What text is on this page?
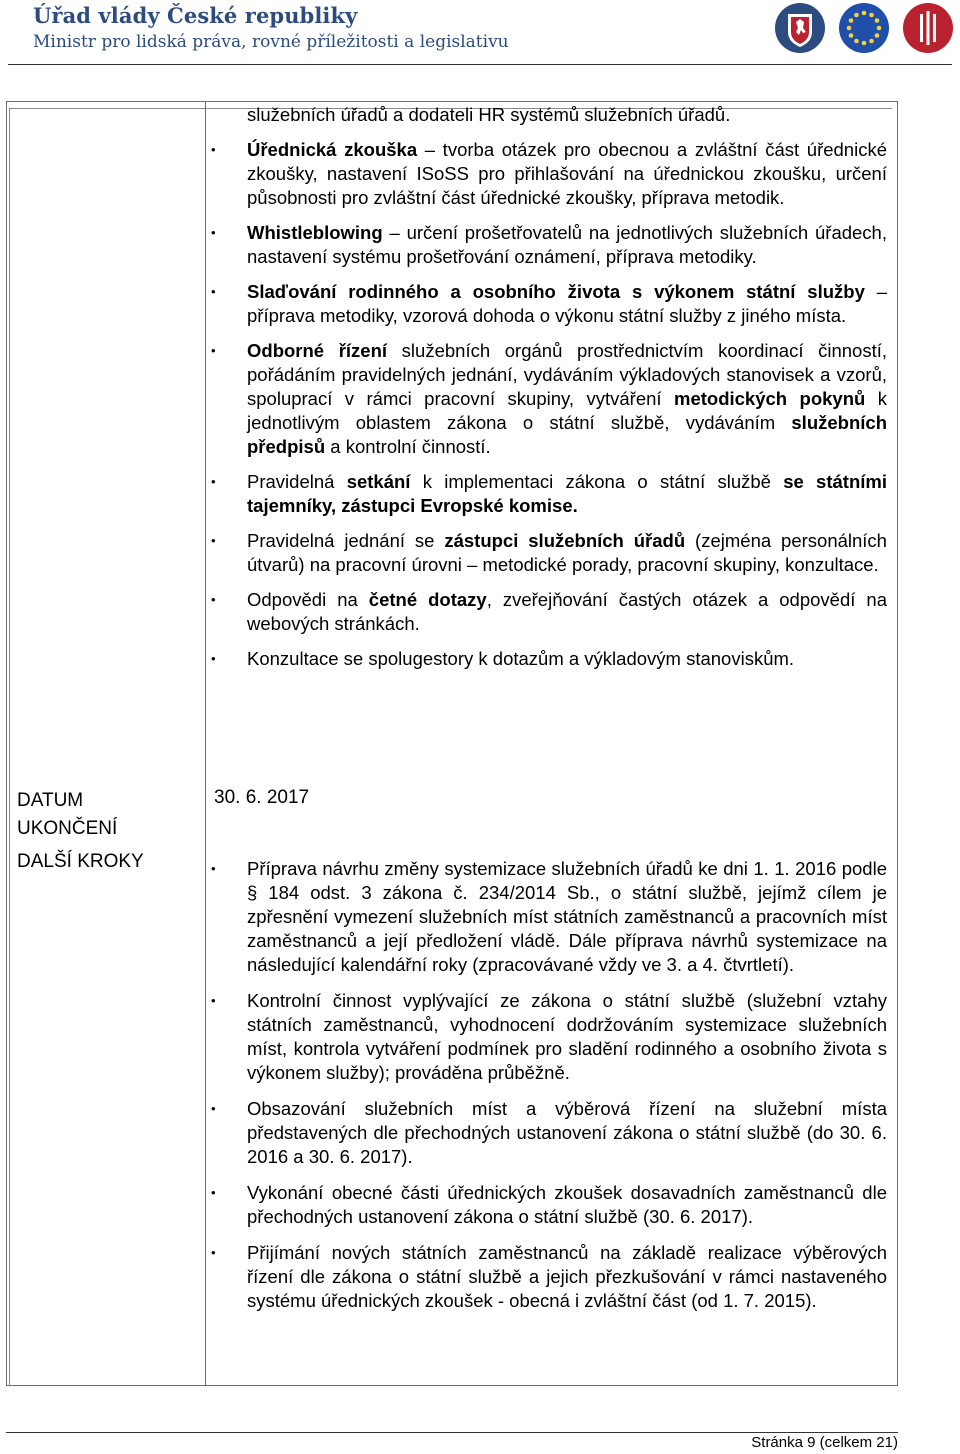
Úřad vlády České republiky
Ministr pro lidská práva, rovné příležitosti a legislativu
DATUM
UKONČENÍ
DALŠÍ KROKY
30. 6. 2017

služebních úřadů a dodateli HR systémů služebních úřadů.

• Úřednická zkouška – tvorba otázek pro obecnou a zvláštní část úřednické zkoušky, nastavení ISoSS pro přihlašování na úřednickou zkoušku, určení působnosti pro zvláštní část úřednické zkoušky, příprava metodik.

• Whistleblowing – určení prošetřovatelů na jednotlivých služebních úřadech, nastavení systému prošetřování oznámení, příprava metodiky.

• Slaďování rodinného a osobního života s výkonem státní služby – příprava metodiky, vzorová dohoda o výkonu státní služby z jiného místa.

• Odborné řízení služebních orgánů prostřednictvím koordinací činností, pořádáním pravidelných jednání, vydáváním výkladových stanovisek a vzorů, spoluprací v rámci pracovní skupiny, vytváření metodických pokynů k jednotlivým oblastem zákona o státní službě, vydáváním služebních předpisů a kontrolní činností.

• Pravidelná setkání k implementaci zákona o státní službě se státními tajemníky, zástupci Evropské komise.

• Pravidelná jednání se zástupci služebních úřadů (zejména personálních útvarů) na pracovní úrovni – metodické porady, pracovní skupiny, konzultace.

• Odpovědi na četné dotazy, zveřejňování častých otázek a odpovědí na webových stránkách.

• Konzultace se spolugestory k dotazům a výkladovým stanoviskům.

• Příprava návrhu změny systemizace služebních úřadů ke dni 1. 1. 2016 podle § 184 odst. 3 zákona č. 234/2014 Sb., o státní službě, jejímž cílem je zpřesnění vymezení služebních míst státních zaměstnanců a pracovních míst zaměstnanců a její předložení vládě. Dále příprava návrhů systemizace na následující kalendářní roky (zpracovávané vždy ve 3. a 4. čtvrtletí).

• Kontrolní činnost vyplývající ze zákona o státní službě (služební vztahy státních zaměstnanců, vyhodnocení dodržováním systemizace služebních míst, kontrola vytváření podmínek pro sladění rodinného a osobního života s výkonem služby); prováděna průběžně.

• Obsazování služebních míst a výběrová řízení na služební místa představených dle přechodných ustanovení zákona o státní službě (do 30. 6. 2016 a 30. 6. 2017).

• Vykonání obecné části úřednických zkoušek dosavadních zaměstnanců dle přechodných ustanovení zákona o státní službě (30. 6. 2017).

• Přijímání nových státních zaměstnanců na základě realizace výběrových řízení dle zákona o státní službě a jejich přezkušování v rámci nastaveného systému úřednických zkoušek - obecná i zvláštní část (od 1. 7. 2015).

Stránka 9 (celkem 21)
